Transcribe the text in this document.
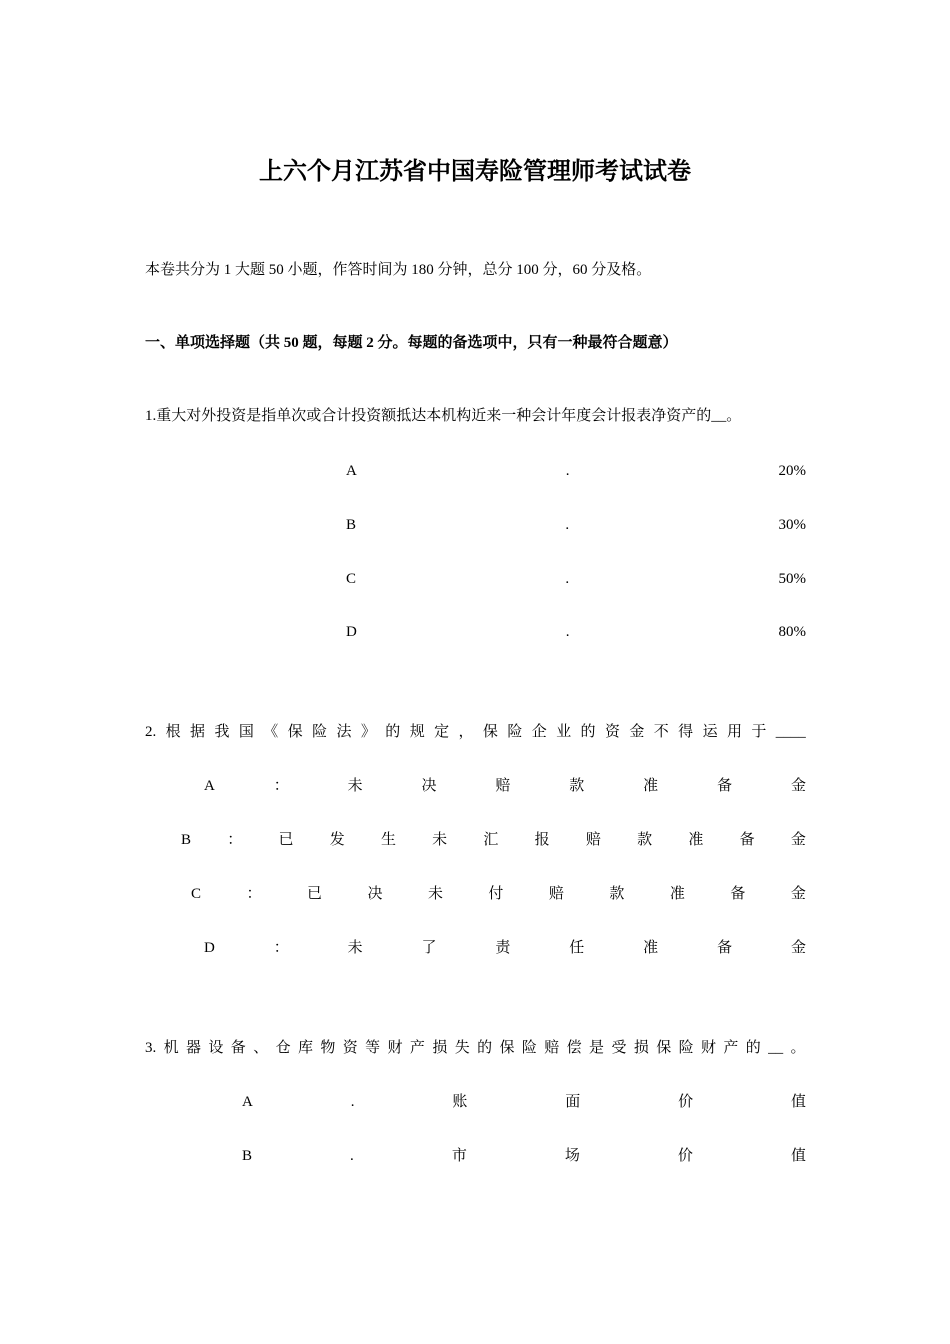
上六个月江苏省中国寿险管理师考试试卷
本卷共分为 1 大题 50 小题，作答时间为 180 分钟，总分 100 分，60 分及格。
一、单项选择题（共 50 题，每题 2 分。每题的备选项中，只有一种最符合题意）
1.重大对外投资是指单次或合计投资额抵达本机构近来一种会计年度会计报表净资产的__。
A	.	20%
B	.	30%
C	.	50%
D	.	80%
2. 根 据 我 国 《 保 险 法 》 的 规 定 ， 保 险 企 业 的 资 金 不 得 运 用 于 ____
A	：	未	决	赔	款	准	备	金
B ： 已 发 生 未 汇 报 赔 款 准 备 金
C	：	已	决	未	付	赔	款	准	备	金
D	：	未	了	责	任	准	备	金
3. 机 器 设 备 、 仓 库 物 资 等 财 产 损 失 的 保 险 赔 偿 是 受 损 保 险 财 产 的 __ 。
A	.	账	面	价	值
B	.	市	场	价	值
